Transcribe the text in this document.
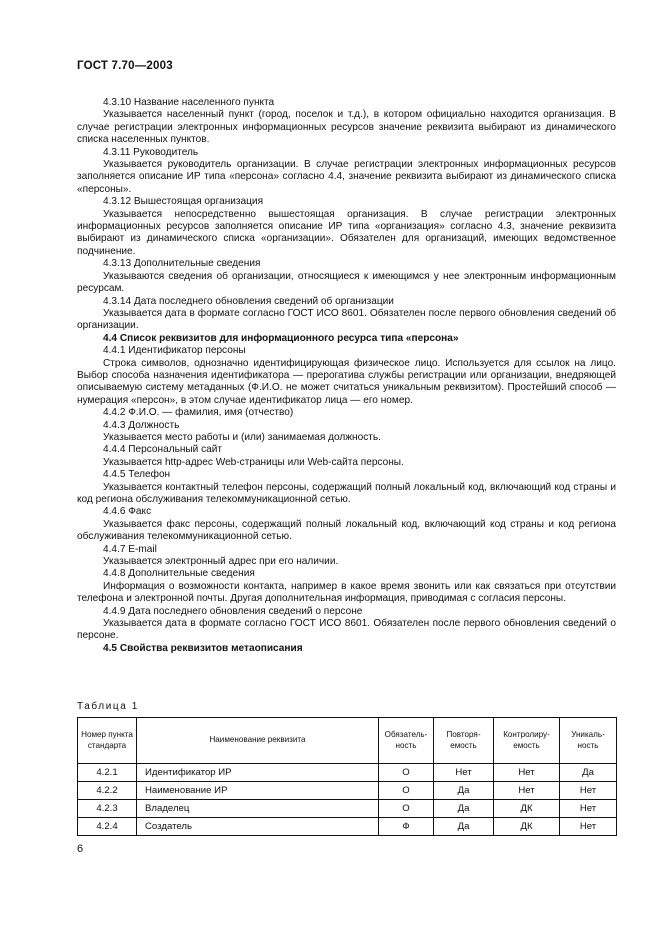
ГОСТ 7.70—2003

4.3.10 Название населенного пункта

Указывается населенный пункт (город, поселок и т.д.), в котором официально находится организация. В случае регистрации электронных информационных ресурсов значение реквизита выбирают из динамического списка населенных пунктов.

4.3.11 Руководитель

Указывается руководитель организации. В случае регистрации электронных информационных ресурсов заполняется описание ИР типа «персона» согласно 4.4, значение реквизита выбирают из динамического списка «персоны».

4.3.12 Вышестоящая организация

Указывается непосредственно вышестоящая организация. В случае регистрации электронных информационных ресурсов заполняется описание ИР типа «организация» согласно 4.3, значение реквизита выбирают из динамического списка «организации». Обязателен для организаций, имеющих ведомственное подчинение.

4.3.13 Дополнительные сведения

Указываются сведения об организации, относящиеся к имеющимся у нее электронным информационным ресурсам.

4.3.14 Дата последнего обновления сведений об организации

Указывается дата в формате согласно ГОСТ ИСО 8601. Обязателен после первого обновления сведений об организации.

4.4 Список реквизитов для информационного ресурса типа «персона»

4.4.1 Идентификатор персоны

Строка символов, однозначно идентифицирующая физическое лицо. Используется для ссылок на лицо. Выбор способа назначения идентификатора — прерогатива службы регистрации или организации, внедряющей описываемую систему метаданных (Ф.И.О. не может считаться уникальным реквизитом). Простейший способ — нумерация «персон», в этом случае идентификатор лица — его номер.

4.4.2 Ф.И.О. — фамилия, имя (отчество)

4.4.3 Должность

Указывается место работы и (или) занимаемая должность.

4.4.4 Персональный сайт

Указывается http-адрес Web-страницы или Web-сайта персоны.

4.4.5 Телефон

Указывается контактный телефон персоны, содержащий полный локальный код, включающий код страны и код региона обслуживания телекоммуникационной сетью.

4.4.6 Факс

Указывается факс персоны, содержащий полный локальный код, включающий код страны и код региона обслуживания телекоммуникационной сетью.

4.4.7 E-mail

Указывается электронный адрес при его наличии.

4.4.8 Дополнительные сведения

Информация о возможности контакта, например в какое время звонить или как связаться при отсутствии телефона и электронной почты. Другая дополнительная информация, приводимая с согласия персоны.

4.4.9 Дата последнего обновления сведений о персоне

Указывается дата в формате согласно ГОСТ ИСО 8601. Обязателен после первого обновления сведений о персоне.

4.5 Свойства реквизитов метаописания

Таблица 1
Номер пункта стандарта	Наименование реквизита	Обязатель-ность	Повторя-емость	Контролиру-емость	Уникаль-ность
4.2.1	Идентификатор ИР	О	Нет	Нет	Да
4.2.2	Наименование ИР	О	Да	Нет	Нет
4.2.3	Владелец	О	Да	ДК	Нет
4.2.4	Создатель	Ф	Да	ДК	Нет
6
